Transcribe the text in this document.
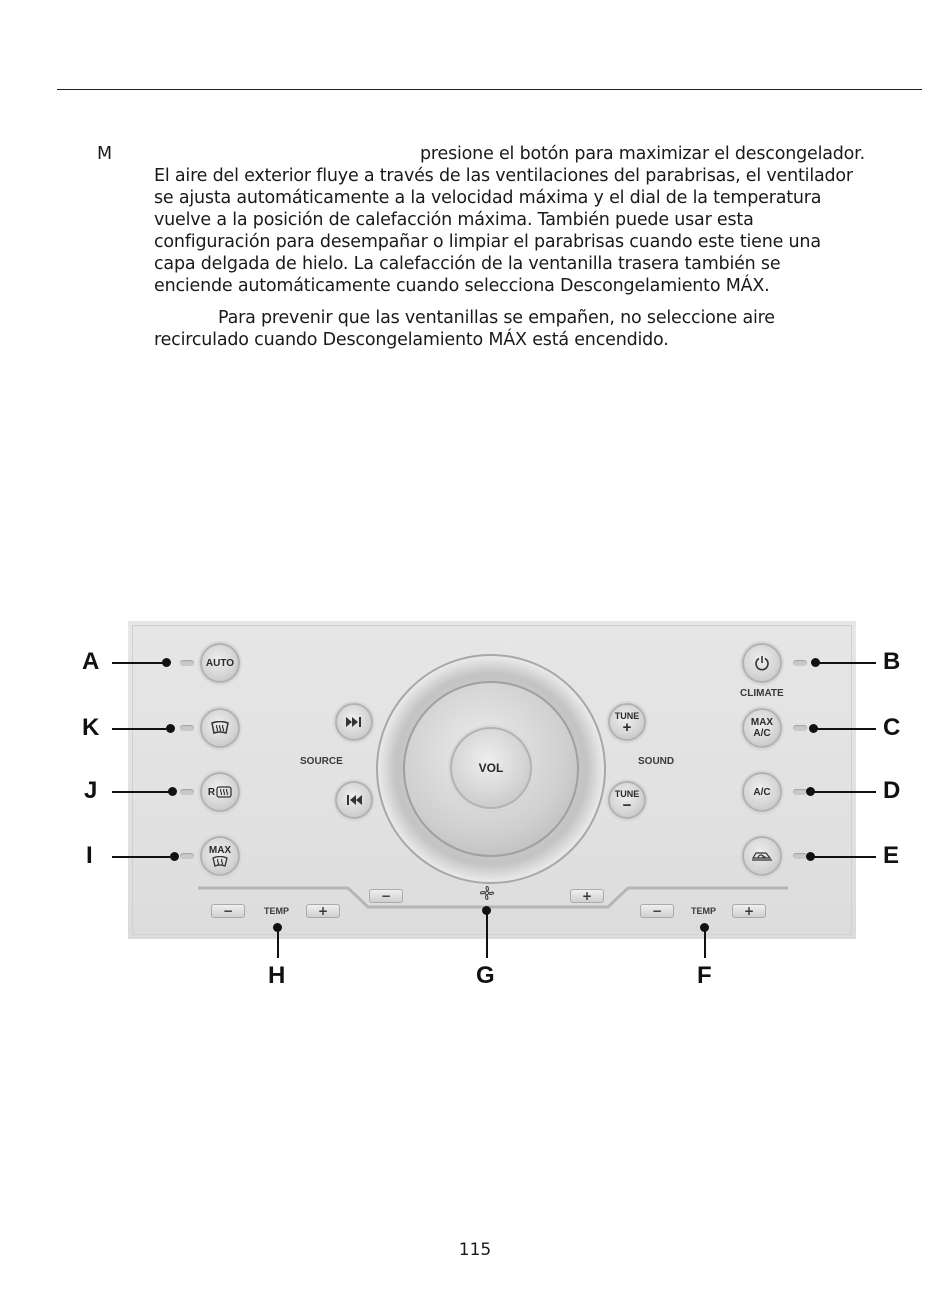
M	presione el botón para maximizar el descongelador.
El aire del exterior fluye a través de las ventilaciones del parabrisas, el ventilador
se ajusta automáticamente a la velocidad máxima y el dial de la temperatura
vuelve a la posición de calefacción máxima. También puede usar esta
configuración para desempañar o limpiar el parabrisas cuando este tiene una
capa delgada de hielo. La calefacción de la ventanilla trasera también se
enciende automáticamente cuando selecciona Descongelamiento MÁX.
Para prevenir que las ventanillas se empañen, no seleccione aire
recirculado cuando Descongelamiento MÁX está encendido.
VOL
AUTO
R
MAX
CLIMATE
MAX
A/C
A/C
SOURCE
TUNE
+
TUNE
−
SOUND
−	TEMP	+
−	+
−	TEMP	+
A
K
J
I
B
C
D
E
H	G	F
115
